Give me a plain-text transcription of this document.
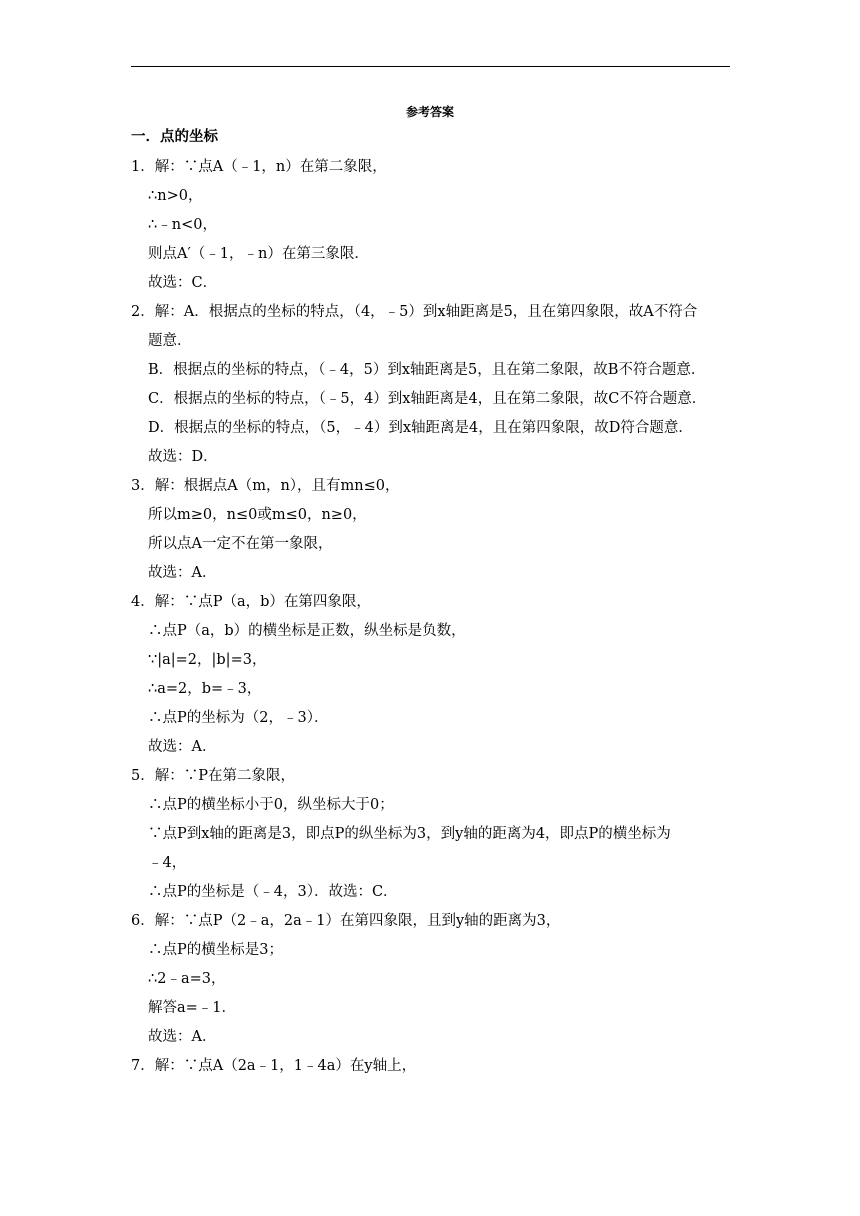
参考答案
一．点的坐标
1．解：∵点A（﹣1，n）在第二象限，
∴n>0，
∴﹣n<0，
则点A′（﹣1，﹣n）在第三象限．
故选：C．
2．解：A．根据点的坐标的特点，（4，﹣5）到x轴距离是5，且在第四象限，故A不符合
题意．
B．根据点的坐标的特点，（﹣4，5）到x轴距离是5，且在第二象限，故B不符合题意．
C．根据点的坐标的特点，（﹣5，4）到x轴距离是4，且在第二象限，故C不符合题意．
D．根据点的坐标的特点，（5，﹣4）到x轴距离是4，且在第四象限，故D符合题意．
故选：D．
3．解：根据点A（m，n），且有mn≤0，
所以m≥0，n≤0或m≤0，n≥0，
所以点A一定不在第一象限，
故选：A．
4．解：∵点P（a，b）在第四象限，
∴点P（a，b）的横坐标是正数，纵坐标是负数，
∵|a|=2，|b|=3，
∴a=2，b=﹣3，
∴点P的坐标为（2，﹣3）．
故选：A．
5．解：∵P在第二象限，
∴点P的横坐标小于0，纵坐标大于0；
∵点P到x轴的距离是3，即点P的纵坐标为3，到y轴的距离为4，即点P的横坐标为
﹣4，
∴点P的坐标是（﹣4，3）．故选：C．
6．解：∵点P（2﹣a，2a﹣1）在第四象限，且到y轴的距离为3，
∴点P的横坐标是3；
∴2﹣a=3，
解答a=﹣1．
故选：A．
7．解：∵点A（2a﹣1，1﹣4a）在y轴上，
